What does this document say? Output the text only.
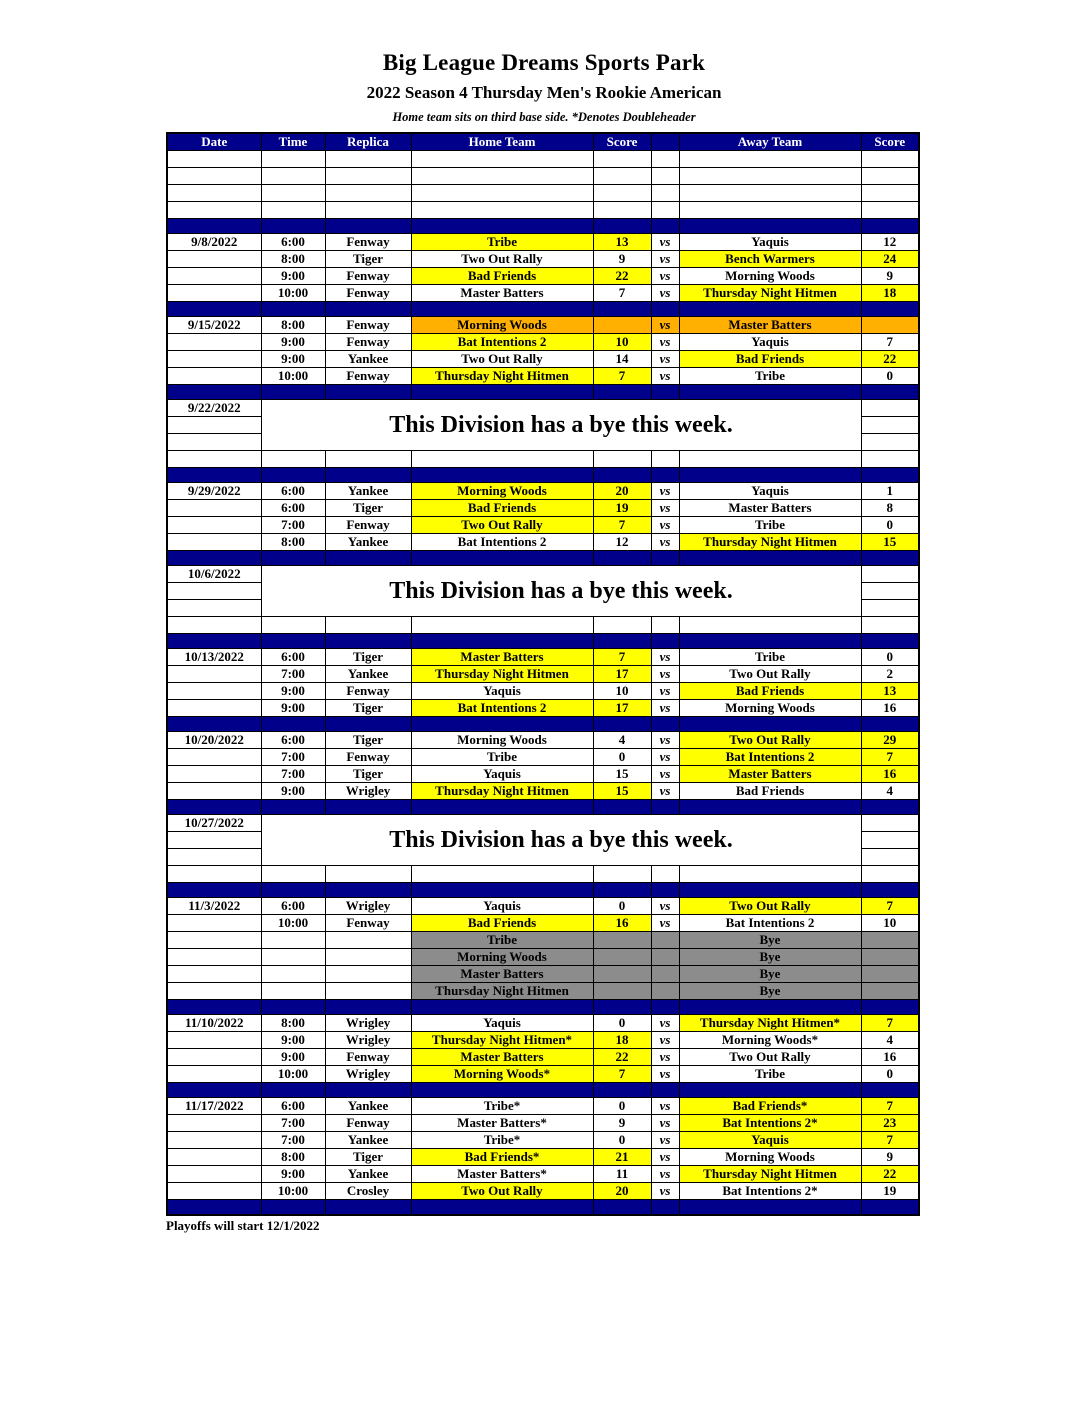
Big League Dreams Sports Park
2022 Season 4 Thursday Men's Rookie American
Home team sits on third base side. *Denotes Doubleheader
Date	Time	Replica	Home Team	Score		Away Team	Score

9/8/2022	6:00	Fenway	Tribe	13	vs	Yaquis	12
	8:00	Tiger	Two Out Rally	9	vs	Bench Warmers	24
	9:00	Fenway	Bad Friends	22	vs	Morning Woods	9
	10:00	Fenway	Master Batters	7	vs	Thursday Night Hitmen	18

9/15/2022	8:00	Fenway	Morning Woods		vs	Master Batters	
	9:00	Fenway	Bat Intentions 2	10	vs	Yaquis	7
	9:00	Yankee	Two Out Rally	14	vs	Bad Friends	22
	10:00	Fenway	Thursday Night Hitmen	7	vs	Tribe	0

9/22/2022	This Division has a bye this week.						

9/29/2022	6:00	Yankee	Morning Woods	20	vs	Yaquis	1
	6:00	Tiger	Bad Friends	19	vs	Master Batters	8
	7:00	Fenway	Two Out Rally	7	vs	Tribe	0
	8:00	Yankee	Bat Intentions 2	12	vs	Thursday Night Hitmen	15

10/6/2022	This Division has a bye this week.						

10/13/2022	6:00	Tiger	Master Batters	7	vs	Tribe	0
	7:00	Yankee	Thursday Night Hitmen	17	vs	Two Out Rally	2
	9:00	Fenway	Yaquis	10	vs	Bad Friends	13
	9:00	Tiger	Bat Intentions 2	17	vs	Morning Woods	16

10/20/2022	6:00	Tiger	Morning Woods	4	vs	Two Out Rally	29
	7:00	Fenway	Tribe	0	vs	Bat Intentions 2	7
	7:00	Tiger	Yaquis	15	vs	Master Batters	16
	9:00	Wrigley	Thursday Night Hitmen	15	vs	Bad Friends	4

10/27/2022	This Division has a bye this week.						

11/3/2022	6:00	Wrigley	Yaquis	0	vs	Two Out Rally	7
	10:00	Fenway	Bad Friends	16	vs	Bat Intentions 2	10
			Tribe			Bye	
			Morning Woods			Bye	
			Master Batters			Bye	
			Thursday Night Hitmen			Bye	

11/10/2022	8:00	Wrigley	Yaquis	0	vs	Thursday Night Hitmen*	7
	9:00	Wrigley	Thursday Night Hitmen*	18	vs	Morning Woods*	4
	9:00	Fenway	Master Batters	22	vs	Two Out Rally	16
	10:00	Wrigley	Morning Woods*	7	vs	Tribe	0

11/17/2022	6:00	Yankee	Tribe*	0	vs	Bad Friends*	7
	7:00	Fenway	Master Batters*	9	vs	Bat Intentions 2*	23
	7:00	Yankee	Tribe*	0	vs	Yaquis	7
	8:00	Tiger	Bad Friends*	21	vs	Morning Woods	9
	9:00	Yankee	Master Batters*	11	vs	Thursday Night Hitmen	22
	10:00	Crosley	Two Out Rally	20	vs	Bat Intentions 2*	19

Playoffs will start 12/1/2022
